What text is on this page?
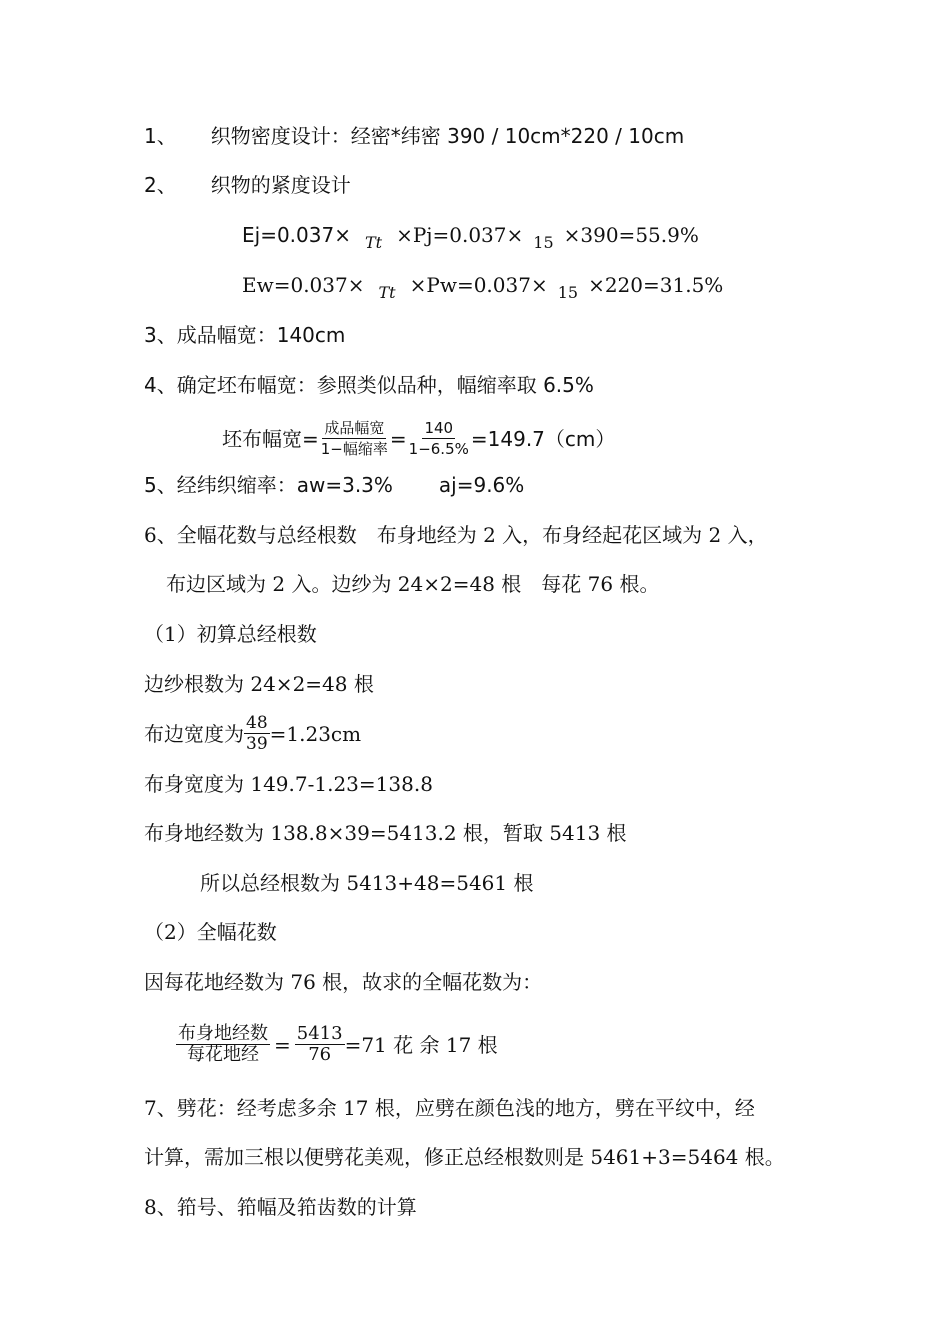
1、 织物密度设计：经密*纬密 390 / 10cm*220 / 10cm
2、 织物的紧度设计
Ej=0.037× Tt ×Pj=0.037× 15 ×390=55.9%
Ew=0.037× Tt ×Pw=0.037× 15 ×220=31.5%
3、成品幅宽：140cm
4、确定坯布幅宽：参照类似品种，幅缩率取 6.5%
坯布幅宽= $\frac{\text{成品幅宽}}{\text{1−幅缩率}} = \frac{140}{1-6.5\%} =149.7(cm)$
5、经纬织缩率：aw=3.3% aj=9.6%
6、全幅花数与总经根数　布身地经为 2 入，布身经起花区域为 2 入，
布边区域为 2 入。边纱为 24×2=48 根　每花 76 根。
（1）初算总经根数
边纱根数为 24×2=48 根
布边宽度为 $\frac{48}{39} =1.23cm$
布身宽度为 149.7-1.23=138.8
布身地经数为 138.8×39=5413.2 根，暂取 5413 根
所以总经根数为 5413+48=5461 根
（2）全幅花数
因每花地经数为 76 根，故求的全幅花数为：
$\frac{\text{布身地经数}}{\text{每花地经}} = \frac{5413}{76} =71$ 花 余 17 根
7、劈花：经考虑多余 17 根，应劈在颜色浅的地方，劈在平纹中，经
计算，需加三根以便劈花美观，修正总经根数则是 5461+3=5464 根。
8、筘号、筘幅及筘齿数的计算
